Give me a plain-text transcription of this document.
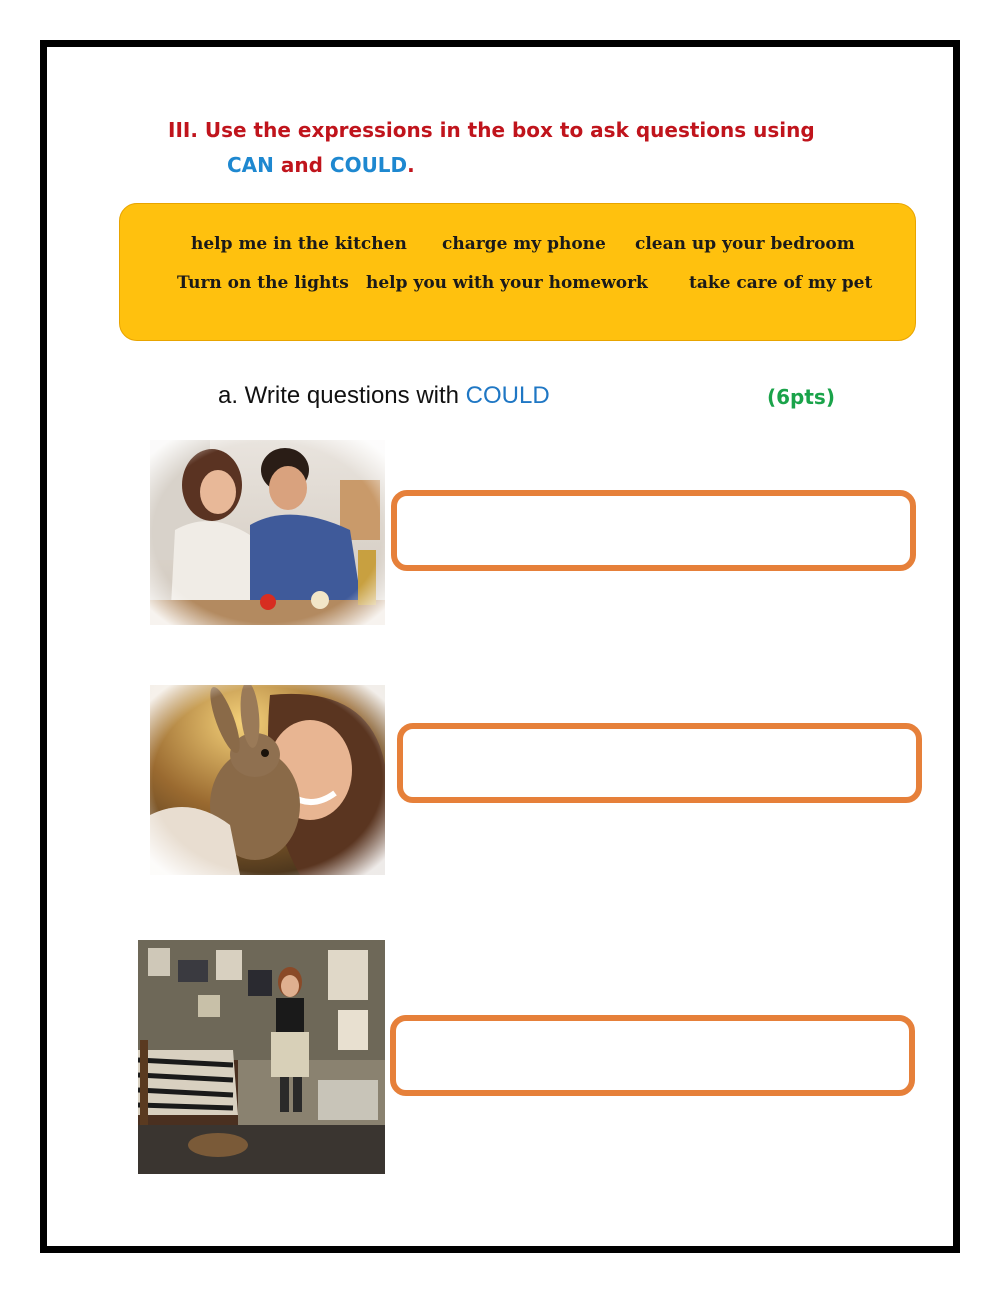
III. Use the expressions in the box to ask questions using
CAN and COULD.
help me in the kitchen charge my phone clean up your bedroom
Turn on the lights help you with your homework take care of my pet
a. Write questions with COULD	(6pts)
